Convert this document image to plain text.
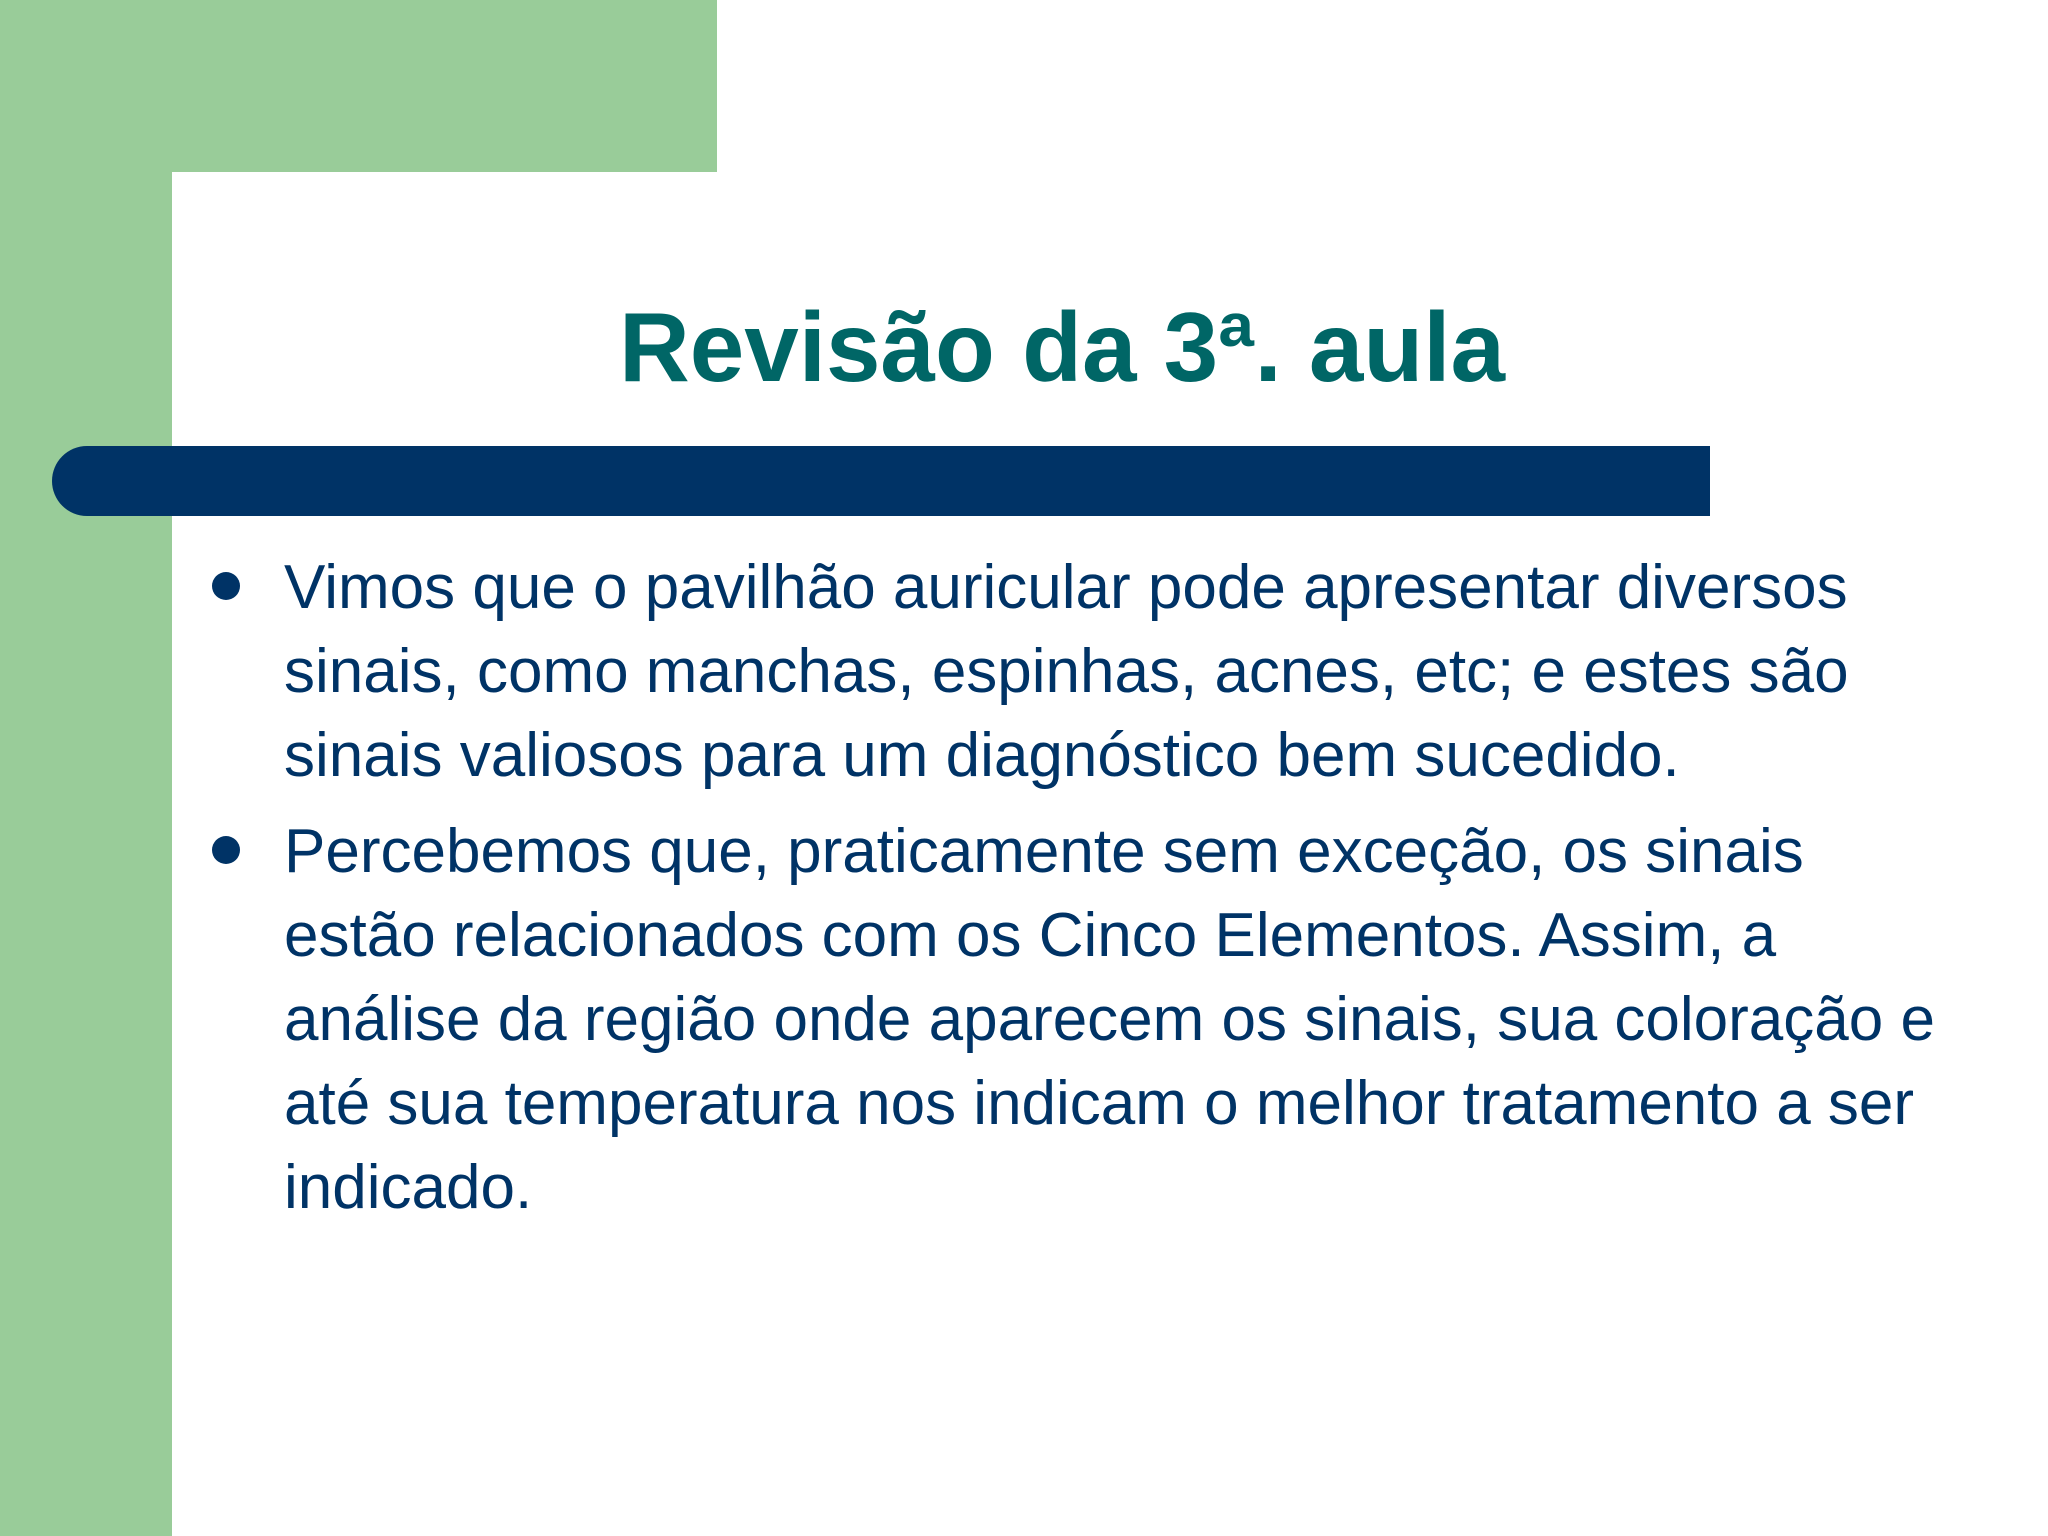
Revisão da 3ª. aula
Vimos que o pavilhão auricular pode apresentar diversos sinais, como manchas, espinhas, acnes, etc; e estes são sinais valiosos para um diagnóstico bem sucedido.
Percebemos que, praticamente sem exceção, os sinais estão relacionados com os Cinco Elementos. Assim, a análise da região onde aparecem os sinais, sua coloração e até sua temperatura nos indicam o melhor tratamento a ser indicado.
